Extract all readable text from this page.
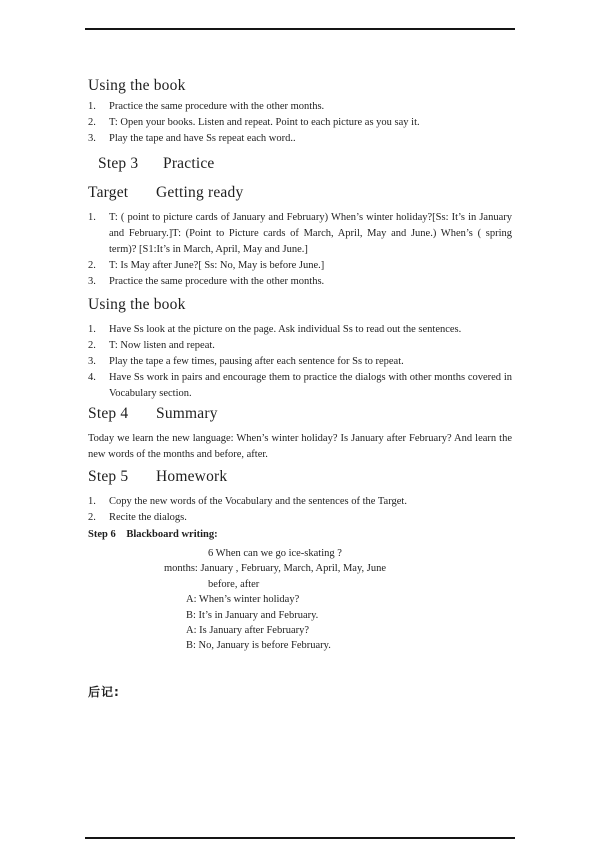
Using the book
1.	Practice the same procedure with the other months.
2.	T: Open your books. Listen and repeat. Point to each picture as you say it.
3.	Play the tape and have Ss repeat each word..
Step 3 Practice
Target Getting ready
1.	T: ( point to picture cards of January and February) When’s winter holiday?[Ss: It’s in January and February.]T: (Point to Picture cards of March, April, May and June.) When’s ( spring term)? [S1:It’s in March, April, May and June.]
2.	T: Is May after June?[ Ss: No, May is before June.]
3.	Practice the same procedure with the other months.
Using the book
1.	Have Ss look at the picture on the page. Ask individual Ss to read out the sentences.
2.	T: Now listen and repeat.
3.	Play the tape a few times, pausing after each sentence for Ss to repeat.
4.	Have Ss work in pairs and encourage them to practice the dialogs with other months covered in Vocabulary section.
Step 4 Summary
Today we learn the new language: When’s winter holiday? Is January after February? And learn the new words of the months and before, after.
Step 5 Homework
1.	Copy the new words of the Vocabulary and the sentences of the Target.
2.	Recite the dialogs.
Step 6 Blackboard writing:
6 When can we go ice-skating ?
months: January , February, March, April, May, June
before, after
A: When’s winter holiday?
B: It’s in January and February.
A: Is January after February?
B: No, January is before February.
后记:
